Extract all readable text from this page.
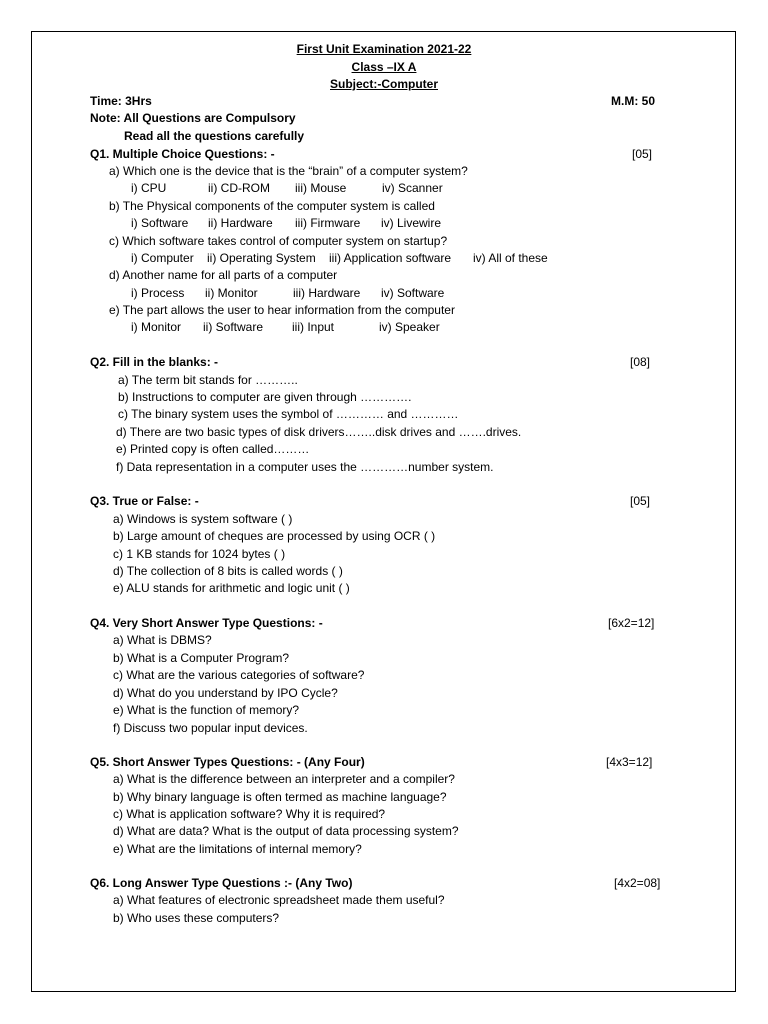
First Unit Examination 2021-22
Class –IX A
Subject:-Computer
Time: 3Hrs	M.M: 50
Note: All Questions are Compulsory
Read all the questions carefully
Q1. Multiple Choice Questions: -	[05]
a) Which one is the device that is the “brain” of a computer system?
i) CPU	ii) CD-ROM iii) Mouse	iv) Scanner
b) The Physical components of the computer system is called
i) Software ii) Hardware iii) Firmware iv) Livewire
c) Which software takes control of computer system on startup?
i) Computer ii) Operating System iii) Application software iv) All of these
d) Another name for all parts of a computer
i) Process ii) Monitor	iii) Hardware iv) Software
e) The part allows the user to hear information from the computer
i) Monitor ii) Software iii) Input	iv) Speaker
Q2. Fill in the blanks: -	[08]
a) The term bit stands for ………..
b) Instructions to computer are given through ………….
c) The binary system uses the symbol of ………… and …………
d) There are two basic types of disk drivers……..disk drives and …….drives.
e) Printed copy is often called………
f) Data representation in a computer uses the …………number system.
Q3. True or False: -	[05]
a) Windows is system software ( )
b) Large amount of cheques are processed by using OCR ( )
c) 1 KB stands for 1024 bytes ( )
d) The collection of 8 bits is called words ( )
e) ALU stands for arithmetic and logic unit ( )
Q4. Very Short Answer Type Questions: -	[6x2=12]
a) What is DBMS?
b) What is a Computer Program?
c) What are the various categories of software?
d) What do you understand by IPO Cycle?
e) What is the function of memory?
f) Discuss two popular input devices.
Q5. Short Answer Types Questions: - (Any Four)	[4x3=12]
a) What is the difference between an interpreter and a compiler?
b) Why binary language is often termed as machine language?
c) What is application software? Why it is required?
d) What are data? What is the output of data processing system?
e) What are the limitations of internal memory?
Q6. Long Answer Type Questions :- (Any Two)	[4x2=08]
a) What features of electronic spreadsheet made them useful?
b) Who uses these computers?
